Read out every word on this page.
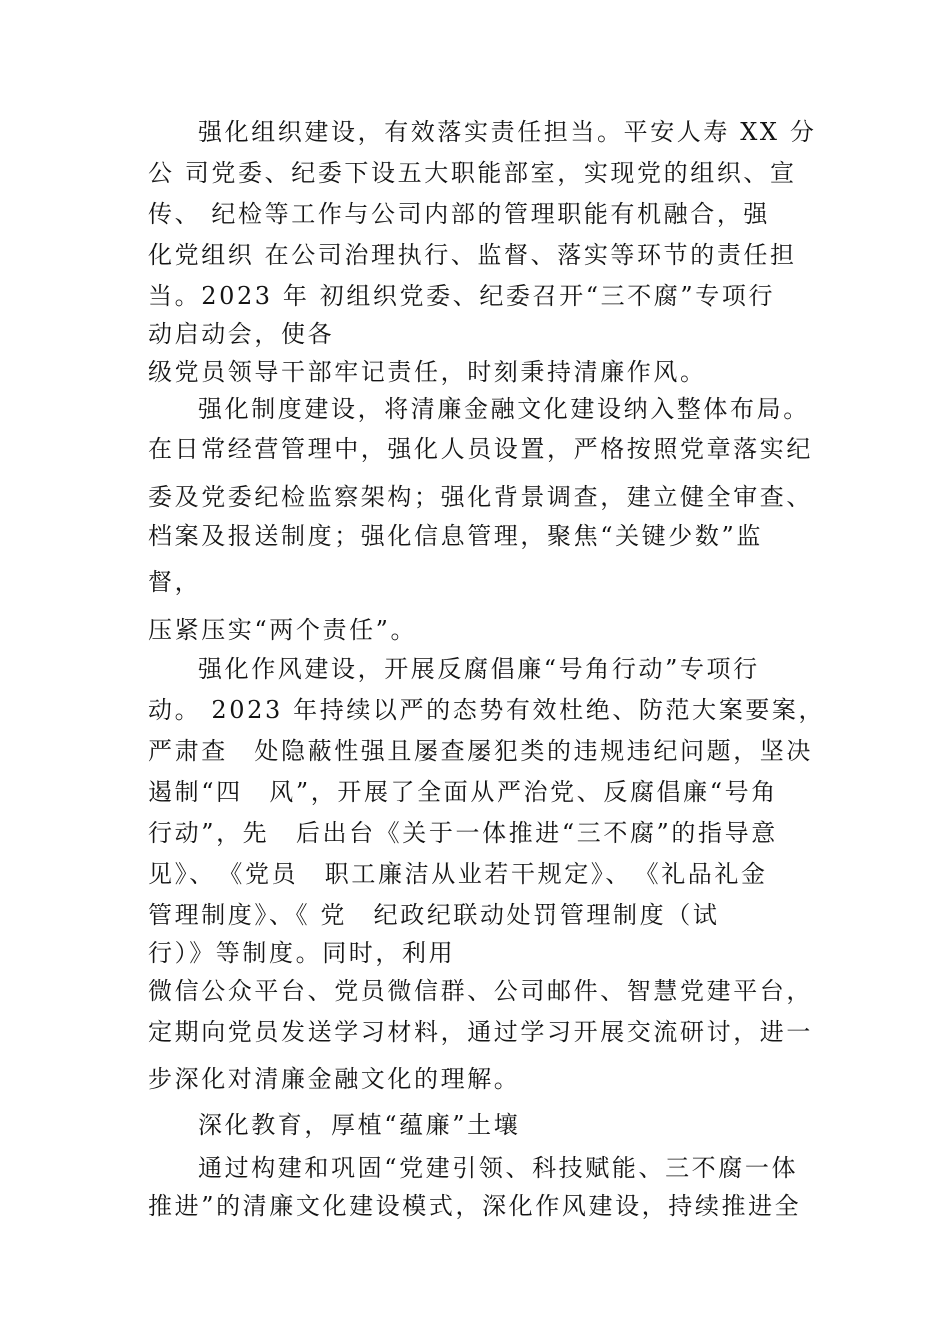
强化组织建设，有效落实责任担当。平安人寿 XX 分
公 司党委、纪委下设五大职能部室，实现党的组织、宣
传、 纪检等工作与公司内部的管理职能有机融合，强
化党组织 在公司治理执行、监督、落实等环节的责任担
当。2023 年 初组织党委、纪委召开“三不腐”专项行
动启动会，使各
级党员领导干部牢记责任，时刻秉持清廉作风。
强化制度建设，将清廉金融文化建设纳入整体布局。
在日常经营管理中，强化人员设置，严格按照党章落实纪
委及党委纪检监察架构；强化背景调查，建立健全审查、
档案及报送制度；强化信息管理，聚焦“关键少数”监
督，
压紧压实“两个责任”。
强化作风建设，开展反腐倡廉“号角行动”专项行
动。 2023 年持续以严的态势有效杜绝、防范大案要案，
严肃查　处隐蔽性强且屡查屡犯类的违规违纪问题，坚决
遏制“四　风”，开展了全面从严治党、反腐倡廉“号角
行动”，先　后出台《关于一体推进“三不腐”的指导意
见》、　《党员　职工廉洁从业若干规定》、　《礼品礼金
管理制度》、《 党　纪政纪联动处罚管理制度（试
行）》等制度。同时，利用
微信公众平台、党员微信群、公司邮件、智慧党建平台，
定期向党员发送学习材料，通过学习开展交流研讨，进一
步深化对清廉金融文化的理解。
深化教育，厚植“蕴廉”土壤
通过构建和巩固“党建引领、科技赋能、三不腐一体
推进”的清廉文化建设模式，深化作风建设，持续推进全
